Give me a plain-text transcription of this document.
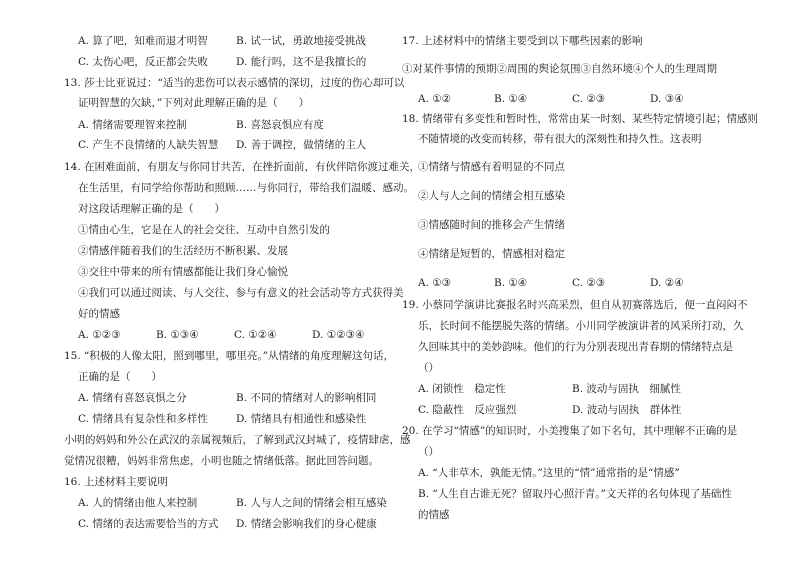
A. 算了吧，知难而退才明智	B. 试一试，勇敢地接受挑战
C. 太伤心吧，反正都会失败	D. 能行吗，这不是我擅长的
13. 莎士比亚说过：“适当的悲伤可以表示感情的深切，过度的伤心却可以
证明智慧的欠缺，”下列对此理解正确的是（　　）
A. 情绪需要理智来控制	B. 喜怒哀惧应有度
C. 产生不良情绪的人缺失智慧 D. 善于调控，做情绪的主人
14. 在困难面前，有朋友与你同甘共苦，在挫折面前，有伙伴陪你渡过难关，
在生活里，有同学给你帮助和照顾……与你同行，带给我们温暖、感动。
对这段话理解正确的是（　　）
①情由心生，它是在人的社会交往、互动中自然引发的
②情感伴随着我们的生活经历不断积累、发展
③交往中带来的所有情感都能让我们身心愉悦
④我们可以通过阅读、与人交往、参与有意义的社会活动等方式获得美
好的情感
A. ①②③	B. ①③④	C. ①②④	D. ①②③④
15. “积极的人像太阳，照到哪里，哪里亮。”从情绪的角度理解这句话，
正确的是（　　）
A. 情绪有喜怒哀惧之分	B. 不同的情绪对人的影响相同
C. 情绪具有复杂性和多样性	D. 情绪具有相通性和感染性
小明的妈妈和外公在武汉的亲属视频后，了解到武汉封城了，疫情肆虐，感
觉情况很糟，妈妈非常焦虑，小明也随之情绪低落。据此回答问题。
16. 上述材料主要说明
A. 人的情绪由他人来控制	B. 人与人之间的情绪会相互感染
C. 情绪的表达需要恰当的方式 D. 情绪会影响我们的身心健康
17. 上述材料中的情绪主要受到以下哪些因素的影响
①对某件事情的预期②周围的舆论氛围③自然环境④个人的生理周期
A. ①②	B. ①④	C. ②③	D. ③④
18. 情绪带有多变性和暂时性，常常由某一时刻、某些特定情境引起；情感则
不随情境的改变而转移，带有很大的深刻性和持久性。这表明
①情绪与情感有着明显的不同点
②人与人之间的情绪会相互感染
③情感随时间的推移会产生情绪
④情绪是短暂的，情感相对稳定
A. ①③	B. ①④	C. ②③	D. ②④
19. 小蔡同学演讲比赛报名时兴高采烈，但自从初赛落选后，便一直闷闷不
乐，长时间不能摆脱失落的情绪。小川同学被演讲者的风采所打动，久
久回味其中的美妙韵味。他们的行为分别表现出青春期的情绪特点是
（）
A. 闭锁性　稳定性	B. 波动与固执　细腻性
C. 隐蔽性　反应强烈	D. 波动与固执　群体性
20. 在学习“情感”的知识时，小美搜集了如下名句，其中理解不正确的是
（）
A. “人非草木，孰能无情。”这里的“情”通常指的是“情感”
B. “人生自古谁无死？留取丹心照汗青。”文天祥的名句体现了基础性
的情感
